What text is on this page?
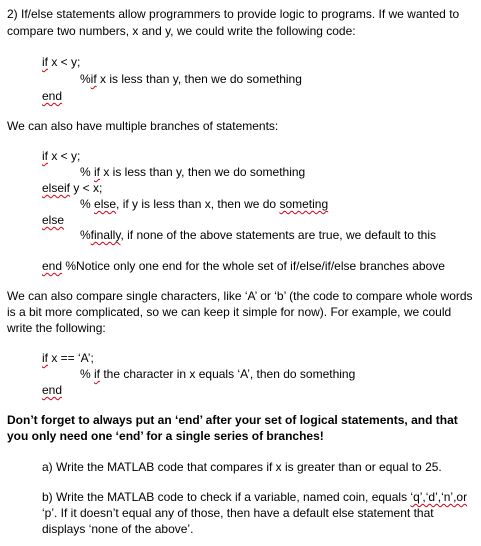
2) If/else statements allow programmers to provide logic to programs. If we wanted to
compare two numbers, x and y, we could write the following code:
if x < y;
%if x is less than y, then we do something
end
We can also have multiple branches of statements:
if x < y;
% if x is less than y, then we do something
elseif y < x;
% else, if y is less than x, then we do someting
else
%finally, if none of the above statements are true, we default to this
end %Notice only one end for the whole set of if/else/if/else branches above
We can also compare single characters, like ‘A’ or ‘b’ (the code to compare whole words
is a bit more complicated, so we can keep it simple for now). For example, we could
write the following:
if x == ‘A’;
% if the character in x equals ‘A’, then do something
end
Don’t forget to always put an ‘end’ after your set of logical statements, and that
you only need one ‘end’ for a single series of branches!
a) Write the MATLAB code that compares if x is greater than or equal to 25.
b) Write the MATLAB code to check if a variable, named coin, equals ‘q’,‘d’,‘n’,or
‘p’. If it doesn’t equal any of those, then have a default else statement that
displays ‘none of the above’.
